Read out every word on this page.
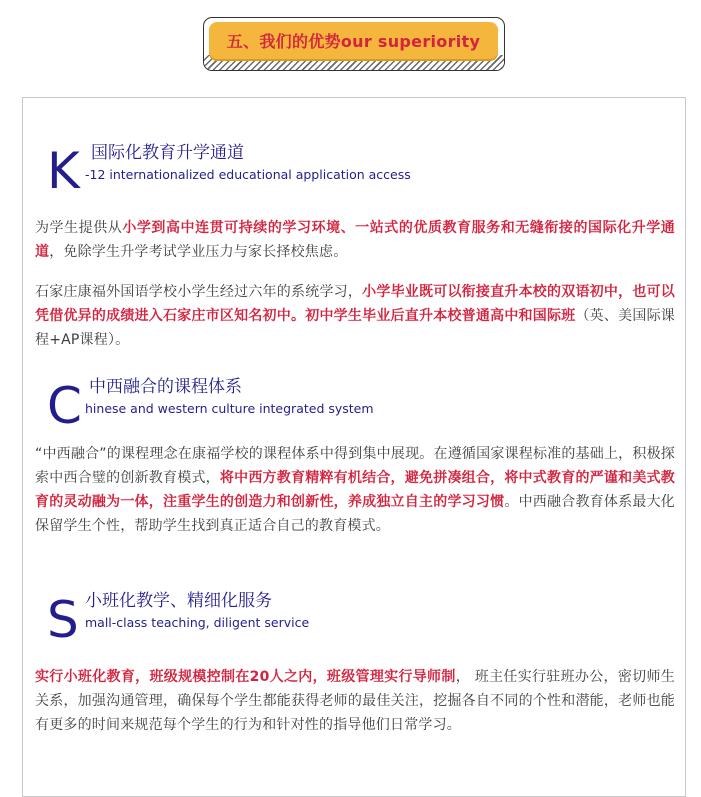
五、我们的优势our superiority
K 国际化教育升学通道
-12 internationalized educational application access
为学生提供从小学到高中连贯可持续的学习环境、一站式的优质教育服务和无缝衔接的国际化升学通道，免除学生升学考试学业压力与家长择校焦虑。
石家庄康福外国语学校小学生经过六年的系统学习，小学毕业既可以衔接直升本校的双语初中，也可以凭借优异的成绩进入石家庄市区知名初中。初中学生毕业后直升本校普通高中和国际班（英、美国际课程+AP课程）。
C 中西融合的课程体系
hinese and western culture integrated system
“中西融合”的课程理念在康福学校的课程体系中得到集中展现。在遵循国家课程标准的基础上，积极探索中西合璧的创新教育模式，将中西方教育精粹有机结合，避免拼凑组合，将中式教育的严谨和美式教育的灵动融为一体，注重学生的创造力和创新性，养成独立自主的学习习惯。中西融合教育体系最大化保留学生个性，帮助学生找到真正适合自己的教育模式。
S 小班化教学、精细化服务
mall-class teaching, diligent service
实行小班化教育，班级规模控制在20人之内，班级管理实行导师制， 班主任实行驻班办公，密切师生关系，加强沟通管理，确保每个学生都能获得老师的最佳关注，挖掘各自不同的个性和潜能，老师也能有更多的时间来规范每个学生的行为和针对性的指导他们日常学习。
